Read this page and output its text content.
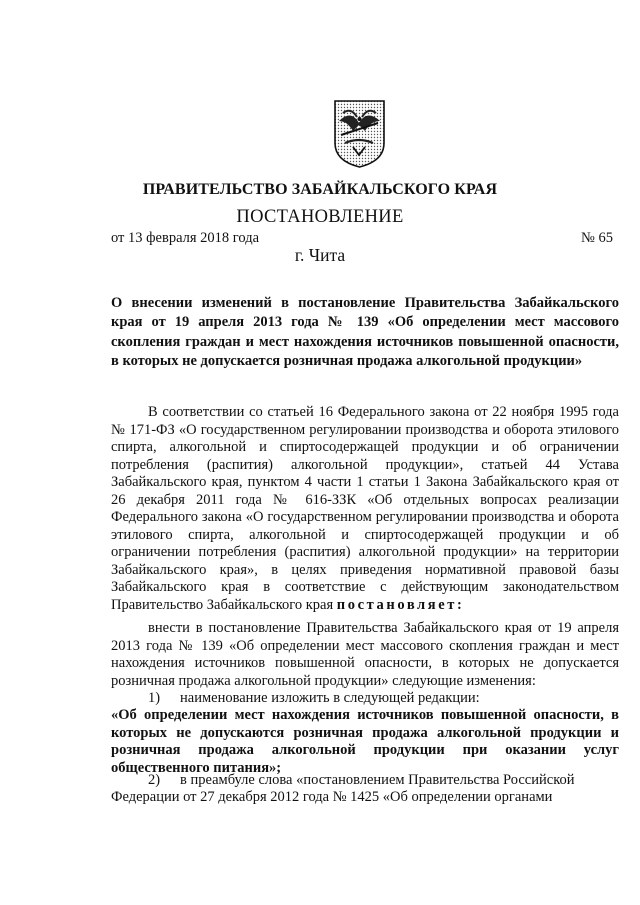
ПРАВИТЕЛЬСТВО ЗАБАЙКАЛЬСКОГО КРАЯ
ПОСТАНОВЛЕНИЕ
от 13 февраля 2018 года	№ 65
г. Чита
О внесении изменений в постановление Правительства Забайкальского края от 19 апреля 2013 года № 139 «Об определении мест массового скопления граждан и мест нахождения источников повышенной опасности, в которых не допускается розничная продажа алкогольной продукции»

В соответствии со статьей 16 Федерального закона от 22 ноября 1995 года № 171-ФЗ «О государственном регулировании производства и оборота этилового спирта, алкогольной и спиртосодержащей продукции и об ограничении потребления (распития) алкогольной продукции», статьей 44 Устава Забайкальского края, пунктом 4 части 1 статьи 1 Закона Забайкальского края от 26 декабря 2011 года № 616-ЗЗК «Об отдельных вопросах реализации Федерального закона «О государственном регулировании производства и оборота этилового спирта, алкогольной и спиртосодержащей продукции и об ограничении потребления (распития) алкогольной продукции» на территории Забайкальского края», в целях приведения нормативной правовой базы Забайкальского края в соответствие с действующим законодательством Правительство Забайкальского края постановляет:

внести в постановление Правительства Забайкальского края от 19 апреля 2013 года № 139 «Об определении мест массового скопления граждан и мест нахождения источников повышенной опасности, в которых не допускается розничная продажа алкогольной продукции» следующие изменения:

1) наименование изложить в следующей редакции:

«Об определении мест нахождения источников повышенной опасности, в которых не допускаются розничная продажа алкогольной продукции и розничная продажа алкогольной продукции при оказании услуг общественного питания»;

2) в преамбуле слова «постановлением Правительства Российской

Федерации от 27 декабря 2012 года № 1425 «Об определении органами
